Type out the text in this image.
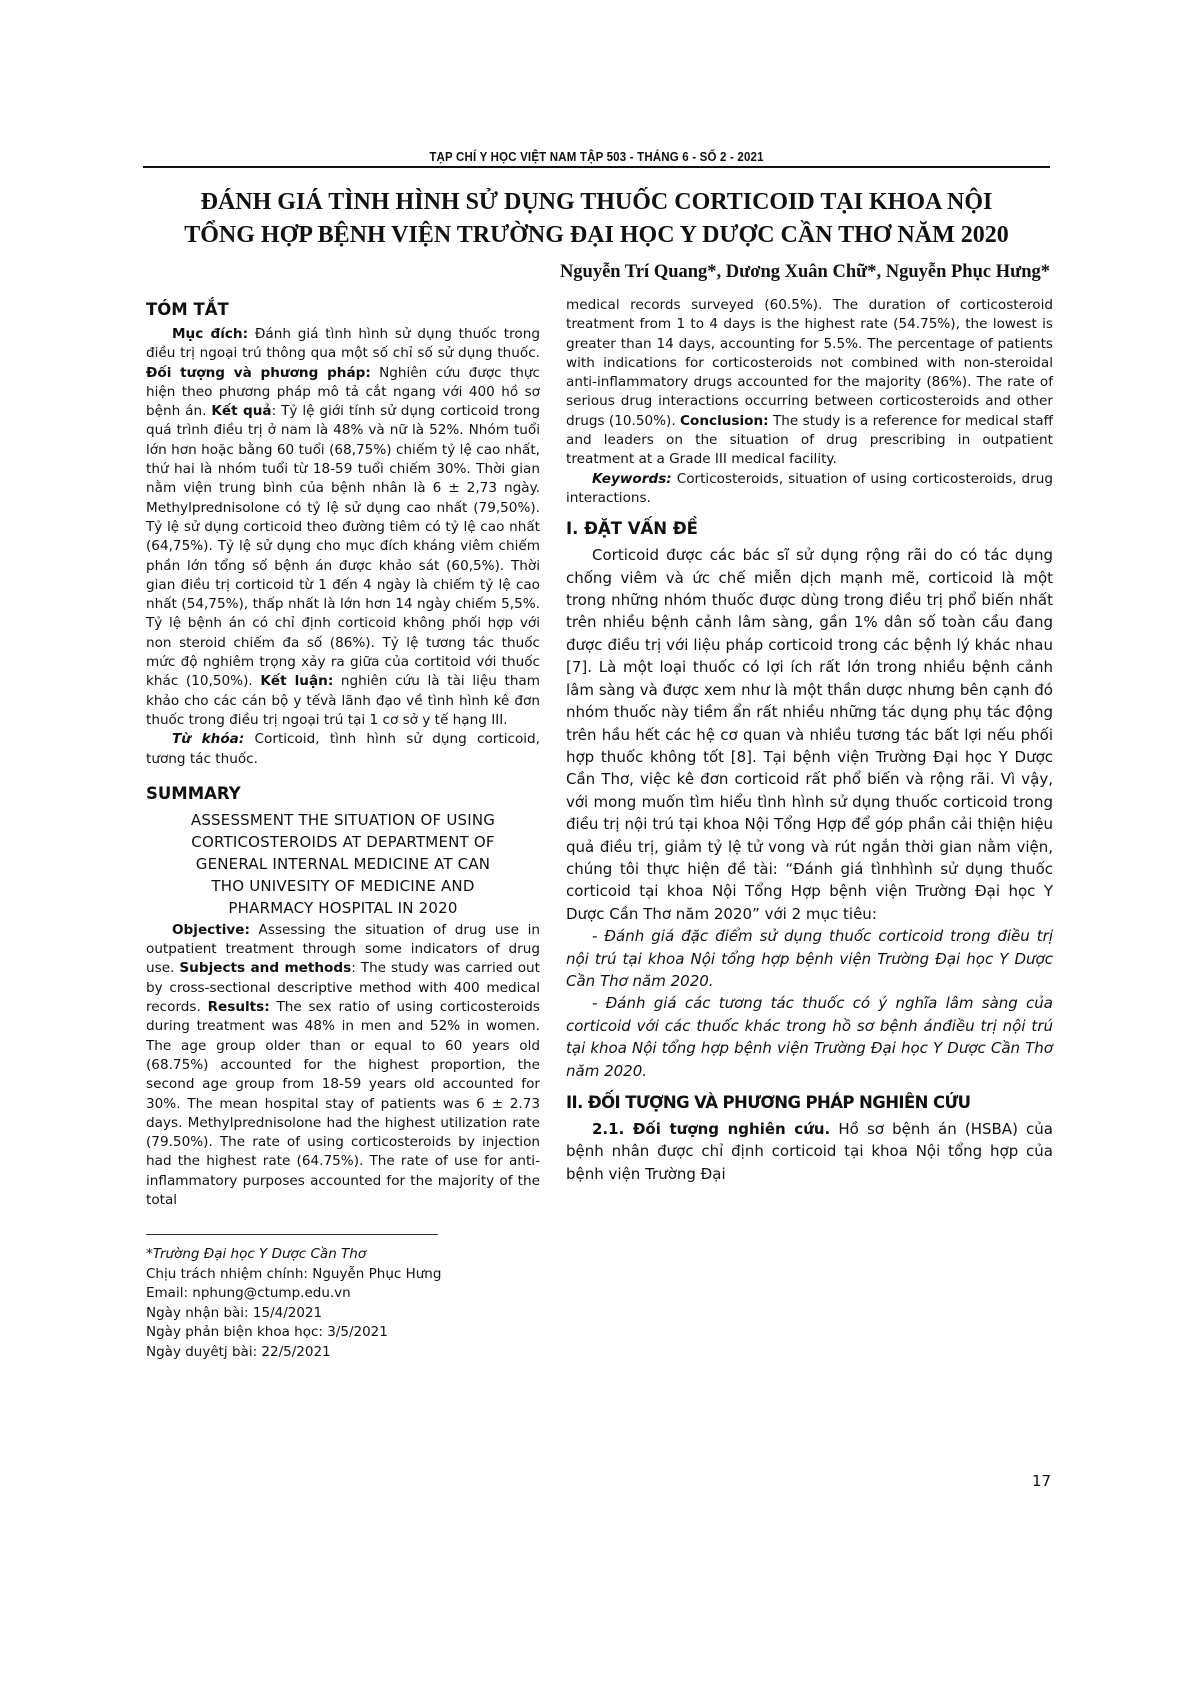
TẠP CHÍ Y HỌC VIỆT NAM TẬP 503 - THÁNG 6 - SỐ 2 - 2021
ĐÁNH GIÁ TÌNH HÌNH SỬ DỤNG THUỐC CORTICOID TẠI KHOA NỘI
TỔNG HỢP BỆNH VIỆN TRƯỜNG ĐẠI HỌC Y DƯỢC CẦN THƠ NĂM 2020
Nguyễn Trí Quang*, Dương Xuân Chữ*, Nguyễn Phục Hưng*
TÓM TẮT

Mục đích: Đánh giá tình hình sử dụng thuốc trong điều trị ngoại trú thông qua một số chỉ số sử dụng thuốc. Đối tượng và phương pháp: Nghiên cứu được thực hiện theo phương pháp mô tả cắt ngang với 400 hồ sơ bệnh án. Kết quả: Tỷ lệ giới tính sử dụng corticoid trong quá trình điều trị ở nam là 48% và nữ là 52%. Nhóm tuổi lớn hơn hoặc bằng 60 tuổi (68,75%) chiếm tỷ lệ cao nhất, thứ hai là nhóm tuổi từ 18-59 tuổi chiếm 30%. Thời gian nằm viện trung bình của bệnh nhân là 6 ± 2,73 ngày. Methylprednisolone có tỷ lệ sử dụng cao nhất (79,50%). Tỷ lệ sử dụng corticoid theo đường tiêm có tỷ lệ cao nhất (64,75%). Tỷ lệ sử dụng cho mục đích kháng viêm chiếm phần lớn tổng số bệnh án được khảo sát (60,5%). Thời gian điều trị corticoid từ 1 đến 4 ngày là chiếm tỷ lệ cao nhất (54,75%), thấp nhất là lớn hơn 14 ngày chiếm 5,5%. Tỷ lệ bệnh án có chỉ định corticoid không phối hợp với non steroid chiếm đa số (86%). Tỷ lệ tương tác thuốc mức độ nghiêm trọng xảy ra giữa của cortitoid với thuốc khác (10,50%). Kết luận: nghiên cứu là tài liệu tham khảo cho các cán bộ y tếvà lãnh đạo về tình hình kê đơn thuốc trong điều trị ngoại trú tại 1 cơ sở y tế hạng III.

Từ khóa: Corticoid, tình hình sử dụng corticoid, tương tác thuốc.

SUMMARY
ASSESSMENT THE SITUATION OF USING
CORTICOSTEROIDS AT DEPARTMENT OF
GENERAL INTERNAL MEDICINE AT CAN
THO UNIVESITY OF MEDICINE AND
PHARMACY HOSPITAL IN 2020

Objective: Assessing the situation of drug use in outpatient treatment through some indicators of drug use. Subjects and methods: The study was carried out by cross-sectional descriptive method with 400 medical records. Results: The sex ratio of using corticosteroids during treatment was 48% in men and 52% in women. The age group older than or equal to 60 years old (68.75%) accounted for the highest proportion, the second age group from 18-59 years old accounted for 30%. The mean hospital stay of patients was 6 ± 2.73 days. Methylprednisolone had the highest utilization rate (79.50%). The rate of using corticosteroids by injection had the highest rate (64.75%). The rate of use for anti-inflammatory purposes accounted for the majority of the total

*Trường Đại học Y Dược Cần Thơ
Chịu trách nhiệm chính: Nguyễn Phục Hưng
Email: nphung@ctump.edu.vn
Ngày nhận bài: 15/4/2021
Ngày phản biện khoa học: 3/5/2021
Ngày duyêtj bài: 22/5/2021

medical records surveyed (60.5%). The duration of corticosteroid treatment from 1 to 4 days is the highest rate (54.75%), the lowest is greater than 14 days, accounting for 5.5%. The percentage of patients with indications for corticosteroids not combined with non-steroidal anti-inflammatory drugs accounted for the majority (86%). The rate of serious drug interactions occurring between corticosteroids and other drugs (10.50%). Conclusion: The study is a reference for medical staff and leaders on the situation of drug prescribing in outpatient treatment at a Grade III medical facility.

Keywords: Corticosteroids, situation of using corticosteroids, drug interactions.

I. ĐẶT VẤN ĐỀ

Corticoid được các bác sĩ sử dụng rộng rãi do có tác dụng chống viêm và ức chế miễn dịch mạnh mẽ, corticoid là một trong những nhóm thuốc được dùng trong điều trị phổ biến nhất trên nhiều bệnh cảnh lâm sàng, gần 1% dân số toàn cầu đang được điều trị với liệu pháp corticoid trong các bệnh lý khác nhau [7]. Là một loại thuốc có lợi ích rất lớn trong nhiều bệnh cảnh lâm sàng và được xem như là một thần dược nhưng bên cạnh đó nhóm thuốc này tiềm ẩn rất nhiều những tác dụng phụ tác động trên hầu hết các hệ cơ quan và nhiều tương tác bất lợi nếu phối hợp thuốc không tốt [8]. Tại bệnh viện Trường Đại học Y Dược Cần Thơ, việc kê đơn corticoid rất phổ biến và rộng rãi. Vì vậy, với mong muốn tìm hiểu tình hình sử dụng thuốc corticoid trong điều trị nội trú tại khoa Nội Tổng Hợp để góp phần cải thiện hiệu quả điều trị, giảm tỷ lệ tử vong và rút ngắn thời gian nằm viện, chúng tôi thực hiện đề tài: “Đánh giá tìnhhình sử dụng thuốc corticoid tại khoa Nội Tổng Hợp bệnh viện Trường Đại học Y Dược Cần Thơ năm 2020” với 2 mục tiêu:

- Đánh giá đặc điểm sử dụng thuốc corticoid trong điều trị nội trú tại khoa Nội tổng hợp bệnh viện Trường Đại học Y Dược Cần Thơ năm 2020.

- Đánh giá các tương tác thuốc có ý nghĩa lâm sàng của corticoid với các thuốc khác trong hồ sơ bệnh ánđiều trị nội trú tại khoa Nội tổng hợp bệnh viện Trường Đại học Y Dược Cần Thơ năm 2020.

II. ĐỐI TƯỢNG VÀ PHƯƠNG PHÁP NGHIÊN CỨU

2.1. Đối tượng nghiên cứu. Hồ sơ bệnh án (HSBA) của bệnh nhân được chỉ định corticoid tại khoa Nội tổng hợp của bệnh viện Trường Đại

17
